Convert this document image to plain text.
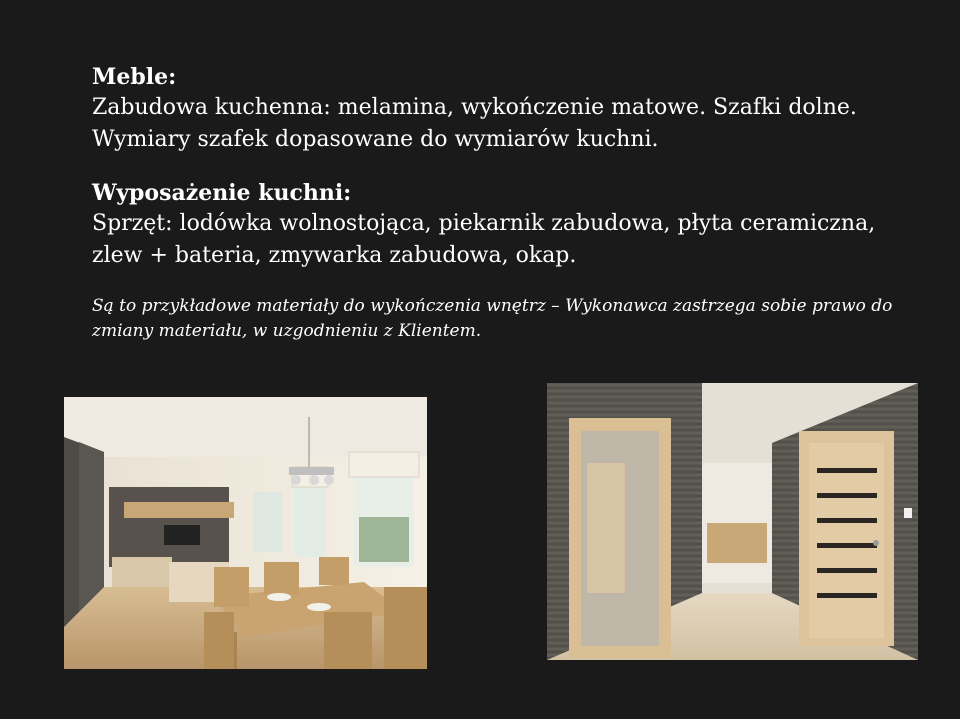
Meble:

Zabudowa kuchenna: melamina, wykończenie matowe. Szafki dolne. Wymiary szafek dopasowane do wymiarów kuchni.

Wyposażenie kuchni:

Sprzęt: lodówka wolnostojąca, piekarnik zabudowa, płyta ceramiczna, zlew + bateria, zmywarka zabudowa, okap.

Są to przykładowe materiały do wykończenia wnętrz – Wykonawca zastrzega sobie prawo do zmiany materiału, w uzgodnieniu z Klientem.
